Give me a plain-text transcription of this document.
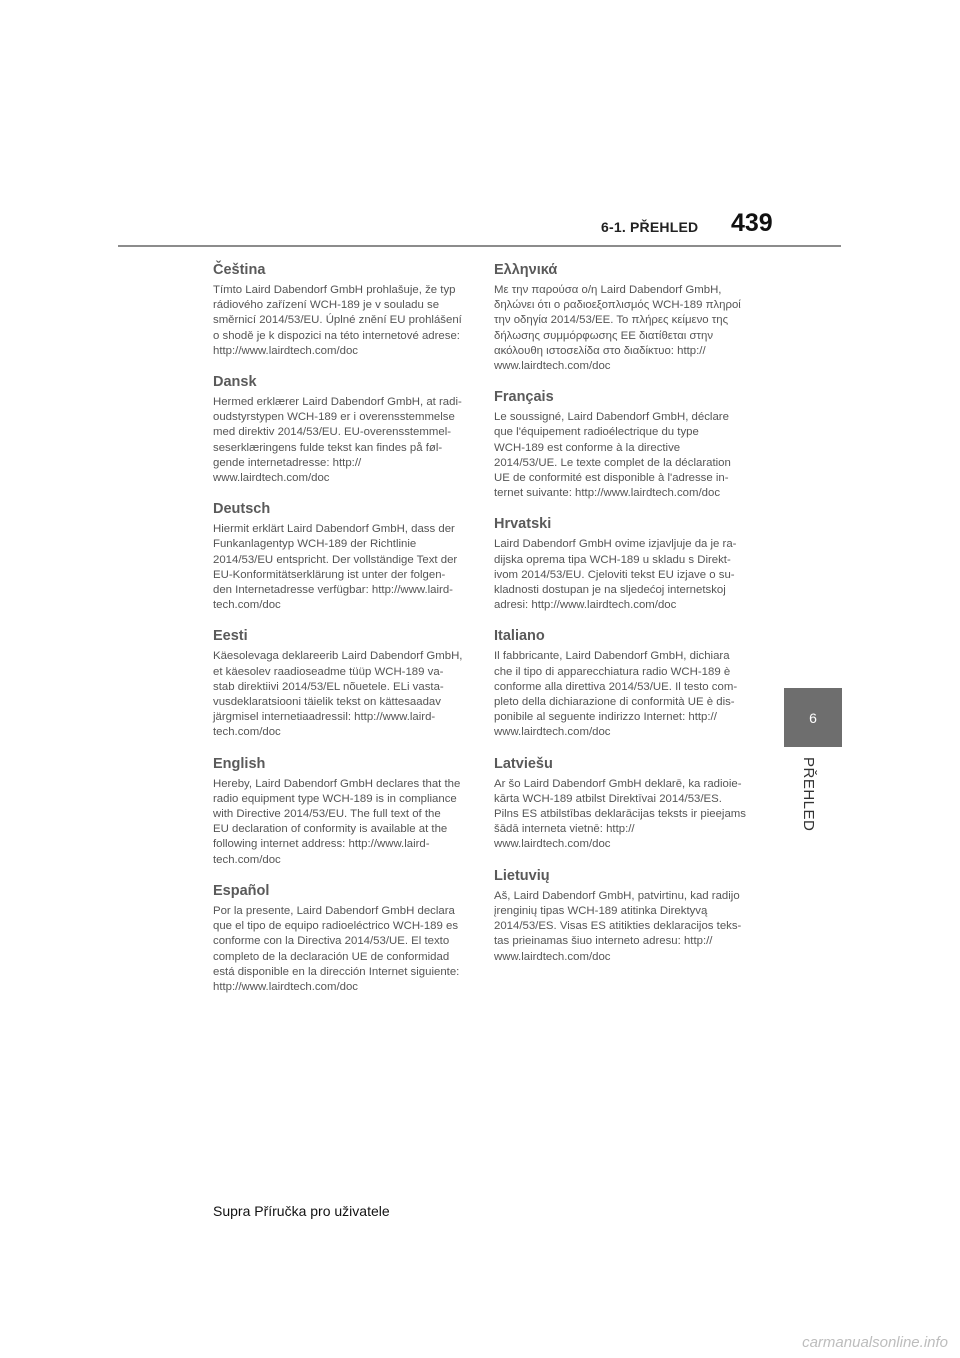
6-1. PŘEHLED 439
6
PŘEHLED
Čeština

Tímto Laird Dabendorf GmbH prohlašuje, že typ
rádiového zařízení WCH-189 je v souladu se
směrnicí 2014/53/EU. Úplné znění EU prohlášení
o shodě je k dispozici na této internetové adrese:
http://www.lairdtech.com/doc

Dansk

Hermed erklærer Laird Dabendorf GmbH, at radi-
oudstyrstypen WCH-189 er i overensstemmelse
med direktiv 2014/53/EU. EU-overensstemmel-
seserklæringens fulde tekst kan findes på føl-
gende internetadresse: http://
www.lairdtech.com/doc

Deutsch

Hiermit erklärt Laird Dabendorf GmbH, dass der
Funkanlagentyp WCH-189 der Richtlinie
2014/53/EU entspricht. Der vollständige Text der
EU-Konformitätserklärung ist unter der folgen-
den Internetadresse verfügbar: http://www.laird-
tech.com/doc

Eesti

Käesolevaga deklareerib Laird Dabendorf GmbH,
et käesolev raadioseadme tüüp WCH-189 va-
stab direktiivi 2014/53/EL nõuetele. ELi vasta-
vusdeklaratsiooni täielik tekst on kättesaadav
järgmisel internetiaadressil: http://www.laird-
tech.com/doc

English

Hereby, Laird Dabendorf GmbH declares that the
radio equipment type WCH-189 is in compliance
with Directive 2014/53/EU. The full text of the
EU declaration of conformity is available at the
following internet address: http://www.laird-
tech.com/doc

Español

Por la presente, Laird Dabendorf GmbH declara
que el tipo de equipo radioeléctrico WCH-189 es
conforme con la Directiva 2014/53/UE. El texto
completo de la declaración UE de conformidad
está disponible en la dirección Internet siguiente:
http://www.lairdtech.com/doc

Ελληνικά

Με την παρούσα ο/η Laird Dabendorf GmbH,
δηλώνει ότι ο ραδιοεξοπλισμός WCH-189 πληροί
την οδηγία 2014/53/ΕΕ. Το πλήρες κείμενο της
δήλωσης συμμόρφωσης ΕΕ διατίθεται στην
ακόλουθη ιστοσελίδα στο διαδίκτυο: http://
www.lairdtech.com/doc

Français

Le soussigné, Laird Dabendorf GmbH, déclare
que l'équipement radioélectrique du type
WCH-189 est conforme à la directive
2014/53/UE. Le texte complet de la déclaration
UE de conformité est disponible à l'adresse in-
ternet suivante: http://www.lairdtech.com/doc

Hrvatski

Laird Dabendorf GmbH ovime izjavljuje da je ra-
dijska oprema tipa WCH-189 u skladu s Direkt-
ivom 2014/53/EU. Cjeloviti tekst EU izjave o su-
kladnosti dostupan je na sljedećoj internetskoj
adresi: http://www.lairdtech.com/doc

Italiano

Il fabbricante, Laird Dabendorf GmbH, dichiara
che il tipo di apparecchiatura radio WCH-189 è
conforme alla direttiva 2014/53/UE. Il testo com-
pleto della dichiarazione di conformità UE è dis-
ponibile al seguente indirizzo Internet: http://
www.lairdtech.com/doc

Latviešu

Ar šo Laird Dabendorf GmbH deklarē, ka radioie-
kārta WCH-189 atbilst Direktīvai 2014/53/ES.
Pilns ES atbilstības deklarācijas teksts ir pieejams
šādā interneta vietnē: http://
www.lairdtech.com/doc

Lietuvių

Aš, Laird Dabendorf GmbH, patvirtinu, kad radijo
įrenginių tipas WCH-189 atitinka Direktyvą
2014/53/ES. Visas ES atitikties deklaracijos teks-
tas prieinamas šiuo interneto adresu: http://
www.lairdtech.com/doc

Supra Příručka pro uživatele
carmanualsonline.info
